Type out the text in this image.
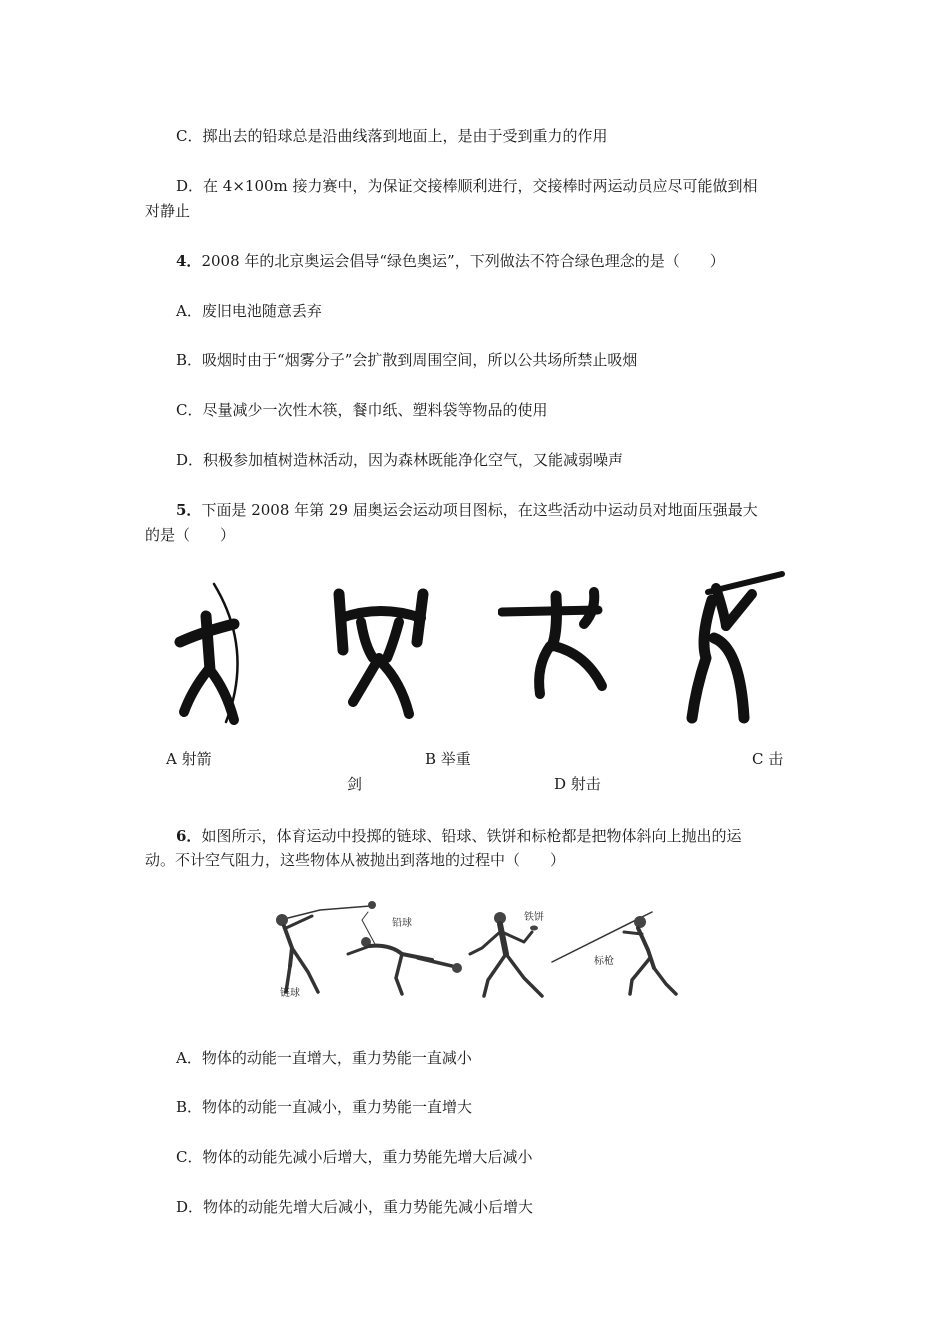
C．掷出去的铅球总是沿曲线落到地面上，是由于受到重力的作用
D．在 4×100m 接力赛中，为保证交接棒顺利进行，交接棒时两运动员应尽可能做到相
对静止
4．2008 年的北京奥运会倡导“绿色奥运”，下列做法不符合绿色理念的是（　　）
A．废旧电池随意丢弃
B．吸烟时由于“烟雾分子”会扩散到周围空间，所以公共场所禁止吸烟
C．尽量减少一次性木筷，餐巾纸、塑料袋等物品的使用
D．积极参加植树造林活动，因为森林既能净化空气，又能减弱噪声
5．下面是 2008 年第 29 届奥运会运动项目图标，在这些活动中运动员对地面压强最大
的是（　　）
A 射箭	B 举重	C 击
剑	D 射击
6．如图所示，体育运动中投掷的链球、铅球、铁饼和标枪都是把物体斜向上抛出的运
动。不计空气阻力，这些物体从被抛出到落地的过程中（　　）
链球
铅球
铁饼
标枪
A．物体的动能一直增大，重力势能一直减小
B．物体的动能一直减小，重力势能一直增大
C．物体的动能先减小后增大，重力势能先增大后减小
D．物体的动能先增大后减小，重力势能先减小后增大
